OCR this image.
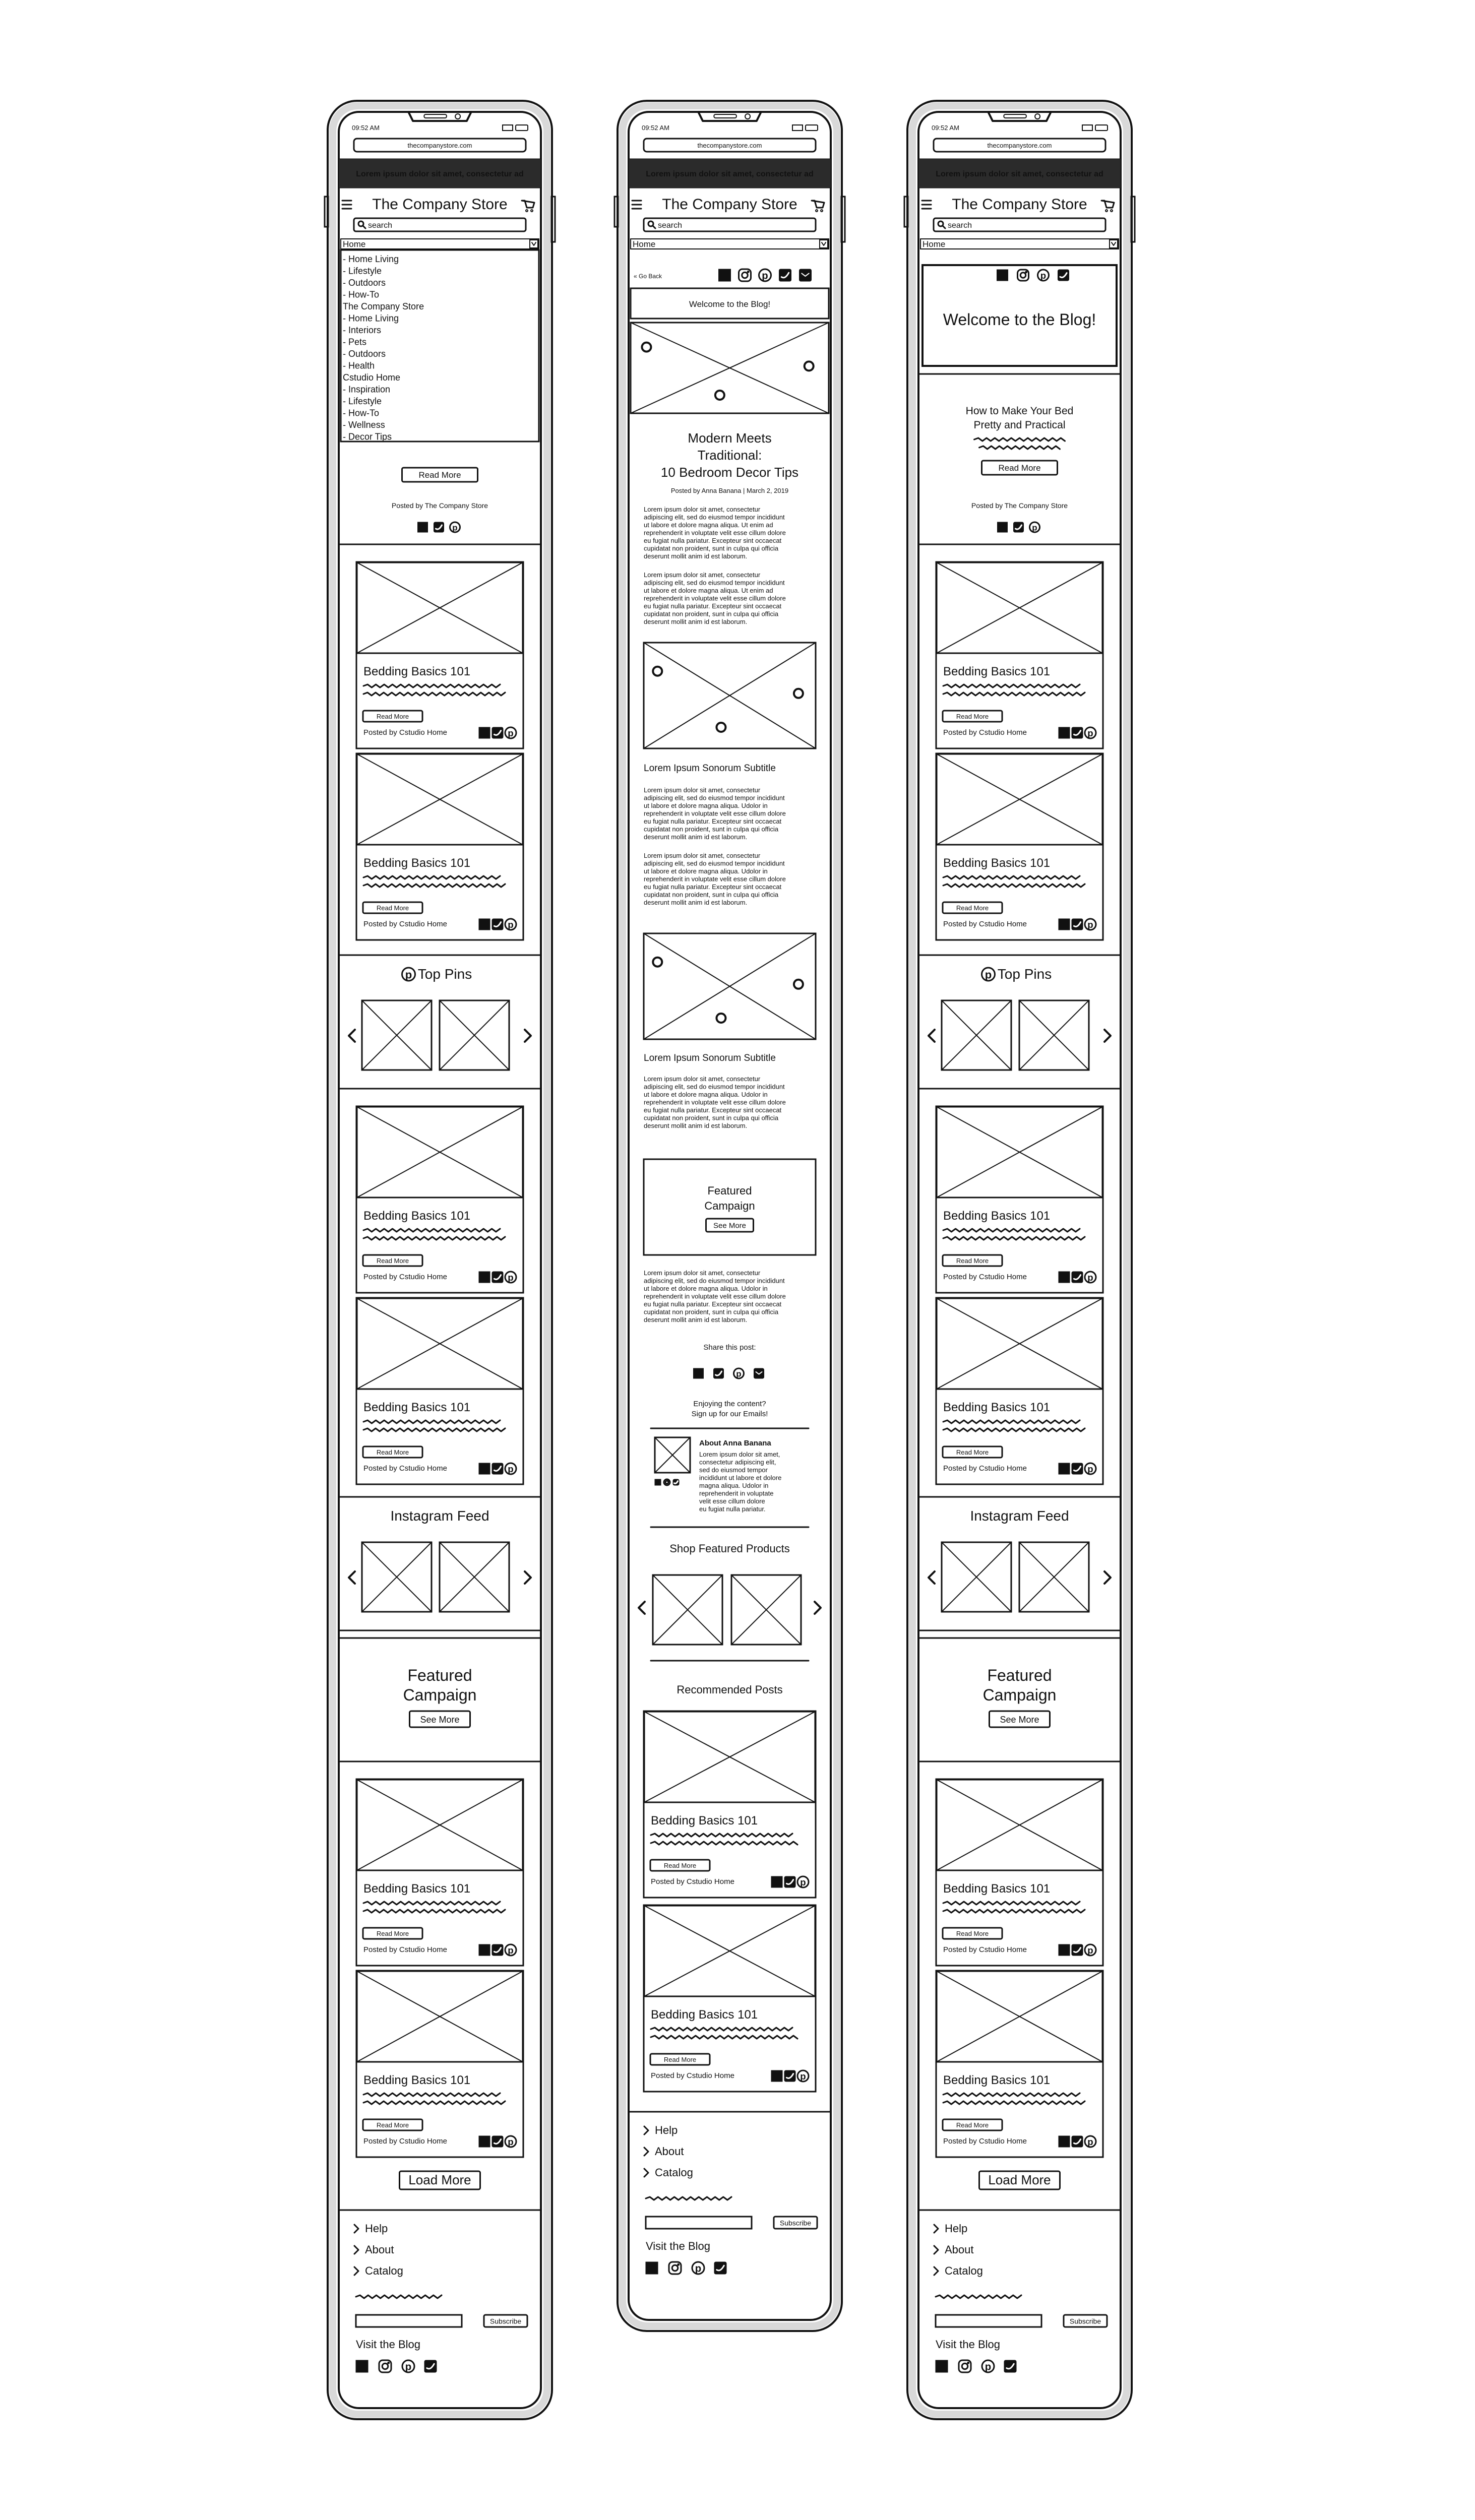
09:52 AM
thecompanystore.com
Lorem ipsum dolor sit amet, consectetur ad
The Company Store
search
Home
- Home Living
- Lifestyle
- Outdoors
- How-To
The Company Store
- Home Living
- Interiors
- Pets
- Outdoors
- Health
Cstudio Home
- Inspiration
- Lifestyle
- How-To
- Wellness
- Decor Tips
Read More
Posted by The Company Store
f	p
Bedding Basics 101
Read More
Posted by Cstudio Home	f p
Bedding Basics 101
Read More
Posted by Cstudio Home	f p
p Top Pins
Bedding Basics 101
Read More
Posted by Cstudio Home	f p
Bedding Basics 101
Read More
Posted by Cstudio Home	f p
Instagram Feed
Featured
Campaign
See More
Bedding Basics 101
Read More
Posted by Cstudio Home	f p
Bedding Basics 101
Read More
Posted by Cstudio Home	f p
Load More
Help
About
Catalog
Subscribe
Visit the Blog
f	p
09:52 AM
thecompanystore.com
Lorem ipsum dolor sit amet, consectetur ad
The Company Store
search
Home
« Go Back	f	p
Welcome to the Blog!
Modern Meets
Traditional:
10 Bedroom Decor Tips
Posted by Anna Banana | March 2, 2019
Lorem ipsum dolor sit amet, consectetur
adipiscing elit, sed do eiusmod tempor incididunt
ut labore et dolore magna aliqua. Ut enim ad
reprehenderit in voluptate velit esse cillum dolore
eu fugiat nulla pariatur. Excepteur sint occaecat
cupidatat non proident, sunt in culpa qui officia
deserunt mollit anim id est laborum.
Lorem ipsum dolor sit amet, consectetur
adipiscing elit, sed do eiusmod tempor incididunt
ut labore et dolore magna aliqua. Ut enim ad
reprehenderit in voluptate velit esse cillum dolore
eu fugiat nulla pariatur. Excepteur sint occaecat
cupidatat non proident, sunt in culpa qui officia
deserunt mollit anim id est laborum.
Lorem Ipsum Sonorum Subtitle
Lorem ipsum dolor sit amet, consectetur
adipiscing elit, sed do eiusmod tempor incididunt
ut labore et dolore magna aliqua. Udolor in
reprehenderit in voluptate velit esse cillum dolore
eu fugiat nulla pariatur. Excepteur sint occaecat
cupidatat non proident, sunt in culpa qui officia
deserunt mollit anim id est laborum.
Lorem ipsum dolor sit amet, consectetur
adipiscing elit, sed do eiusmod tempor incididunt
ut labore et dolore magna aliqua. Udolor in
reprehenderit in voluptate velit esse cillum dolore
eu fugiat nulla pariatur. Excepteur sint occaecat
cupidatat non proident, sunt in culpa qui officia
deserunt mollit anim id est laborum.
Lorem Ipsum Sonorum Subtitle
Lorem ipsum dolor sit amet, consectetur
adipiscing elit, sed do eiusmod tempor incididunt
ut labore et dolore magna aliqua. Udolor in
reprehenderit in voluptate velit esse cillum dolore
eu fugiat nulla pariatur. Excepteur sint occaecat
cupidatat non proident, sunt in culpa qui officia
deserunt mollit anim id est laborum.
Featured
Campaign
See More
Lorem ipsum dolor sit amet, consectetur
adipiscing elit, sed do eiusmod tempor incididunt
ut labore et dolore magna aliqua. Udolor in
reprehenderit in voluptate velit esse cillum dolore
eu fugiat nulla pariatur. Excepteur sint occaecat
cupidatat non proident, sunt in culpa qui officia
deserunt mollit anim id est laborum.
Share this post:
f	p
Enjoying the content?
Sign up for our Emails!
f
About Anna Banana
Lorem ipsum dolor sit amet,
consectetur adipiscing elit,
sed do eiusmod tempor
incididunt ut labore et dolore
magna aliqua. Udolor in
reprehenderit in voluptate
velit esse cillum dolore
eu fugiat nulla pariatur.
Shop Featured Products
Recommended Posts
Bedding Basics 101
Read More
Posted by Cstudio Home	f p
Bedding Basics 101
Read More
Posted by Cstudio Home	f p
Help
About
Catalog
Subscribe
Visit the Blog
f	p
09:52 AM
thecompanystore.com
Lorem ipsum dolor sit amet, consectetur ad
The Company Store
search
Home
f	p
Welcome to the Blog!
How to Make Your Bed
Pretty and Practical
Read More
Posted by The Company Store
f	p
Bedding Basics 101
Read More
Posted by Cstudio Home	f p
Bedding Basics 101
Read More
Posted by Cstudio Home	f p
p Top Pins
Bedding Basics 101
Read More
Posted by Cstudio Home	f p
Bedding Basics 101
Read More
Posted by Cstudio Home	f p
Instagram Feed
Featured
Campaign
See More
Bedding Basics 101
Read More
Posted by Cstudio Home	f p
Bedding Basics 101
Read More
Posted by Cstudio Home	f p
Load More
Help
About
Catalog
Subscribe
Visit the Blog
f	p
